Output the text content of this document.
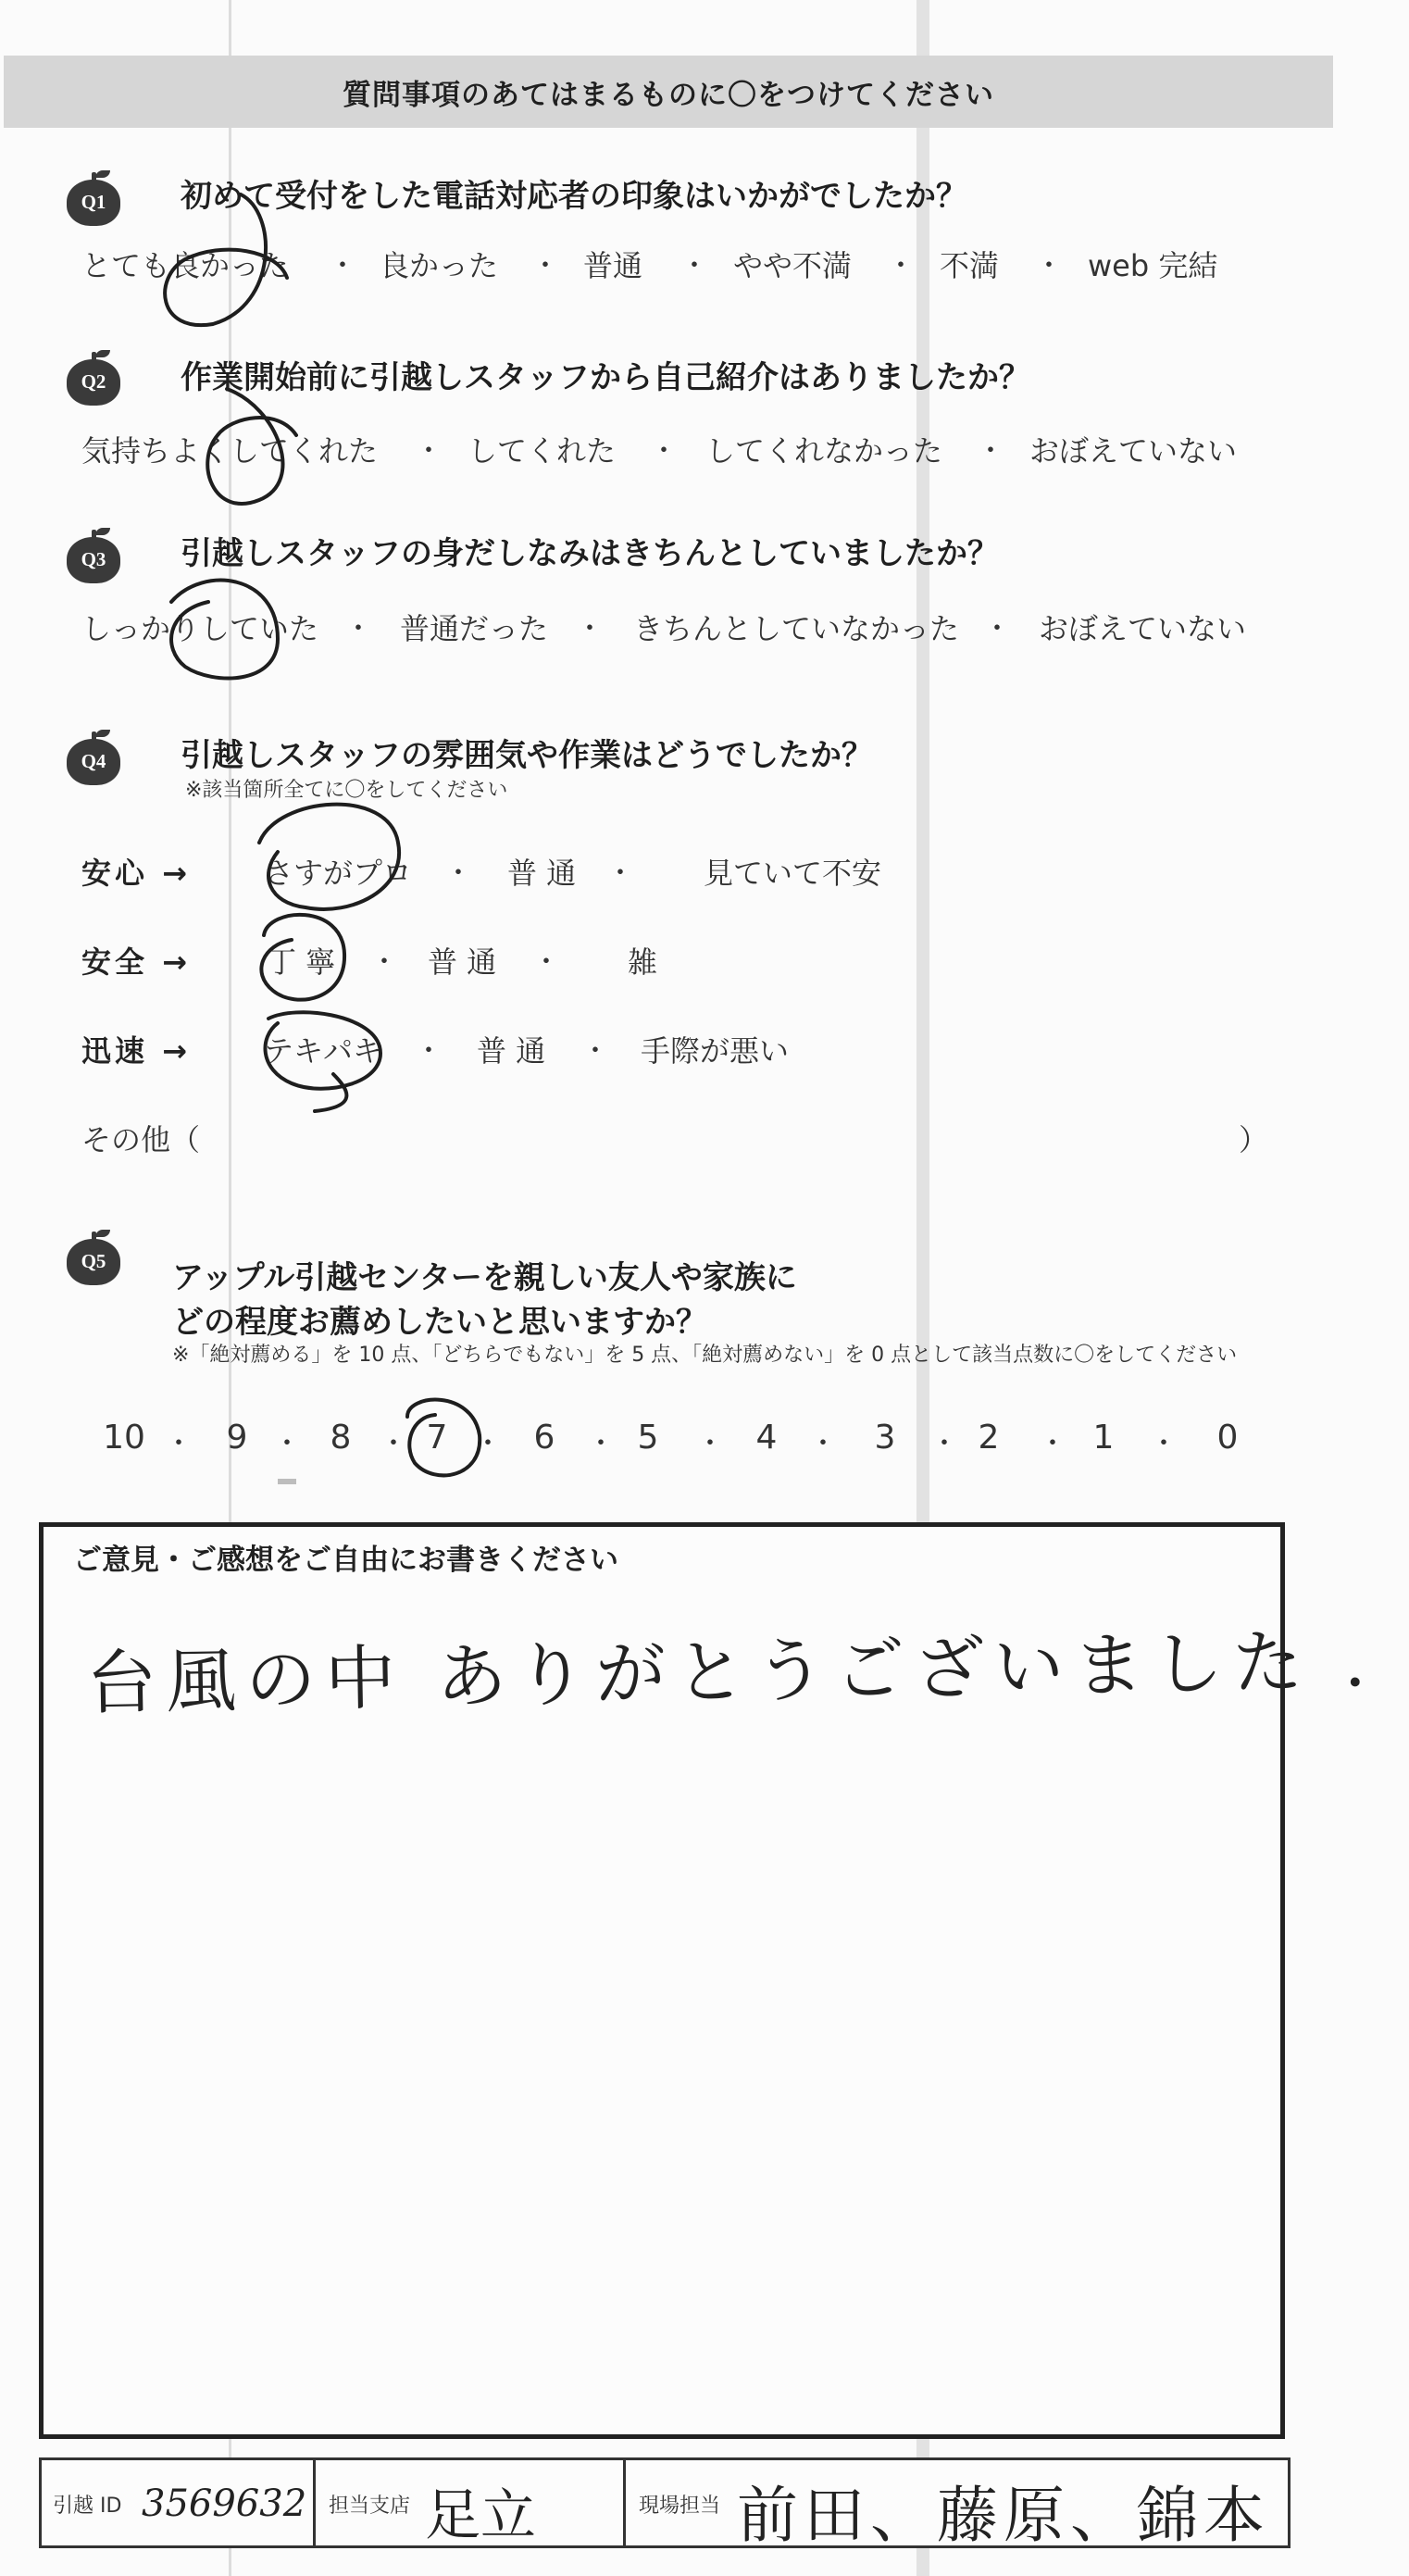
質問事項のあてはまるものに〇をつけてください
Q1	初めて受付をした電話対応者の印象はいかがでしたか？
とても良かった ・ 良かった ・ 普通 ・ やや不満 ・ 不満 ・ web 完結
Q2	作業開始前に引越しスタッフから自己紹介はありましたか？
気持ちよくしてくれた ・ してくれた ・ してくれなかった ・ おぼえていない
Q3	引越しスタッフの身だしなみはきちんとしていましたか？
しっかりしていた ・ 普通だった ・ きちんとしていなかった ・ おぼえていない
Q4	引越しスタッフの雰囲気や作業はどうでしたか？
※該当箇所全てに〇をしてください
安心 → さすがプロ ・ 普 通 ・ 見ていて不安
安全 →	丁 寧 ・ 普 通 ・ 雑
迅速 → テキパキ ・ 普 通 ・ 手際が悪い
その他（	）
Q5	アップル引越センターを親しい友人や家族に
どの程度お薦めしたいと思いますか？
※「絶対薦める」を 10 点、「どちらでもない」を 5 点、「絶対薦めない」を 0 点として該当点数に〇をしてください
10 ・ 9 ・ 8 ・ 7 ・ 6 ・ 5 ・ 4 ・ 3 ・ 2 ・ 1 ・ 0
ご意見・ご感想をご自由にお書きください
台風の中 ありがとうございました .
引越 ID 3569632 担当支店 足立	現場担当 前田、藤原、錦本
